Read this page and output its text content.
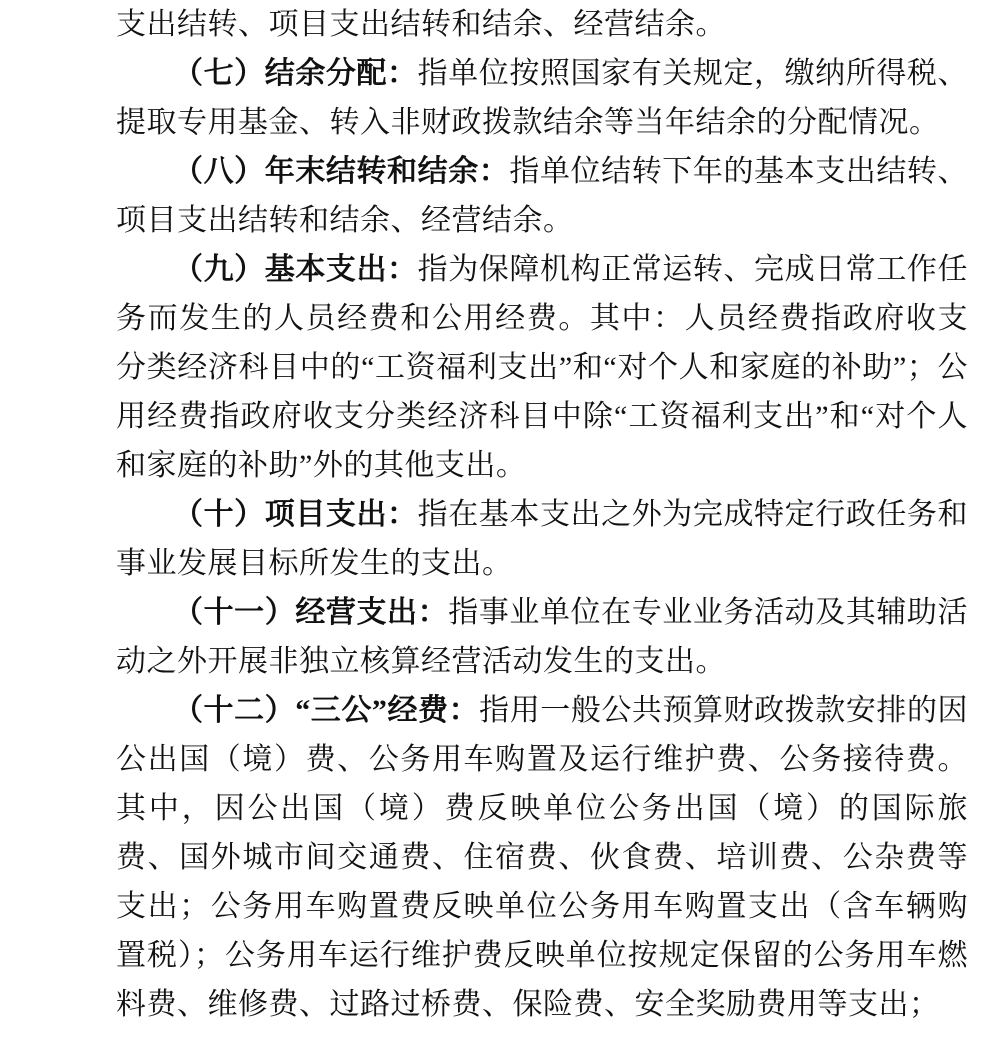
支出结转、项目支出结转和结余、经营结余。

（七）结余分配：指单位按照国家有关规定，缴纳所得税、提取专用基金、转入非财政拨款结余等当年结余的分配情况。

（八）年末结转和结余：指单位结转下年的基本支出结转、项目支出结转和结余、经营结余。

（九）基本支出：指为保障机构正常运转、完成日常工作任务而发生的人员经费和公用经费。其中：人员经费指政府收支分类经济科目中的“工资福利支出”和“对个人和家庭的补助”；公用经费指政府收支分类经济科目中除“工资福利支出”和“对个人和家庭的补助”外的其他支出。

（十）项目支出：指在基本支出之外为完成特定行政任务和事业发展目标所发生的支出。

（十一）经营支出：指事业单位在专业业务活动及其辅助活动之外开展非独立核算经营活动发生的支出。

（十二）“三公”经费：指用一般公共预算财政拨款安排的因公出国（境）费、公务用车购置及运行维护费、公务接待费。其中，因公出国（境）费反映单位公务出国（境）的国际旅费、国外城市间交通费、住宿费、伙食费、培训费、公杂费等支出；公务用车购置费反映单位公务用车购置支出（含车辆购置税）；公务用车运行维护费反映单位按规定保留的公务用车燃料费、维修费、过路过桥费、保险费、安全奖励费用等支出；
